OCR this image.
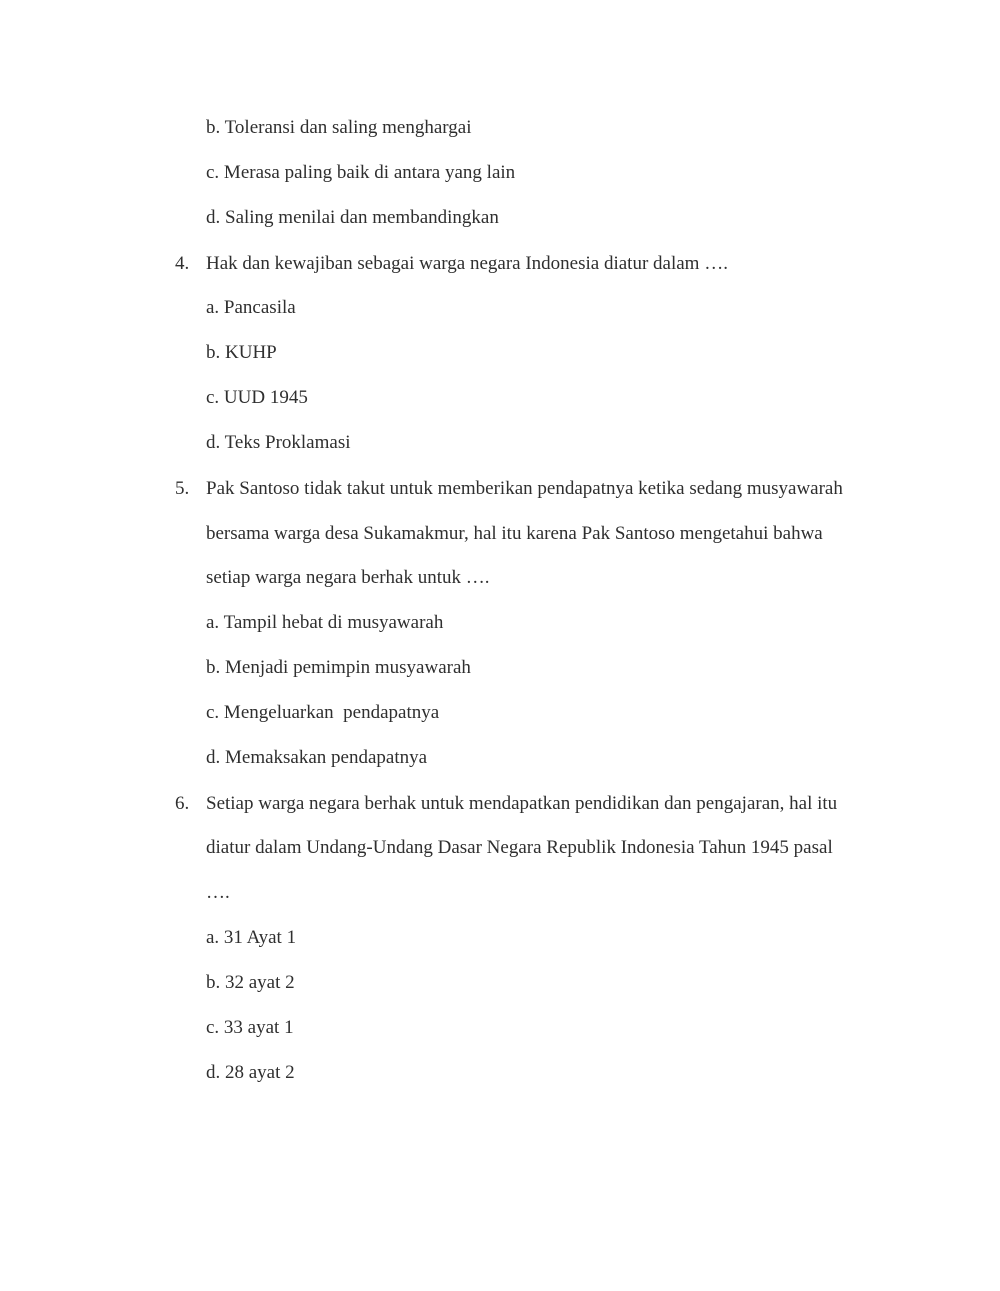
b. Toleransi dan saling menghargai
c. Merasa paling baik di antara yang lain
d. Saling menilai dan membandingkan
4. Hak dan kewajiban sebagai warga negara Indonesia diatur dalam ….
a. Pancasila
b. KUHP
c. UUD 1945
d. Teks Proklamasi
5. Pak Santoso tidak takut untuk memberikan pendapatnya ketika sedang musyawarah
bersama warga desa Sukamakmur, hal itu karena Pak Santoso mengetahui bahwa
setiap warga negara berhak untuk ….
a. Tampil hebat di musyawarah
b. Menjadi pemimpin musyawarah
c. Mengeluarkan  pendapatnya
d. Memaksakan pendapatnya
6. Setiap warga negara berhak untuk mendapatkan pendidikan dan pengajaran, hal itu
diatur dalam Undang-Undang Dasar Negara Republik Indonesia Tahun 1945 pasal
….
a. 31 Ayat 1
b. 32 ayat 2
c. 33 ayat 1
d. 28 ayat 2
